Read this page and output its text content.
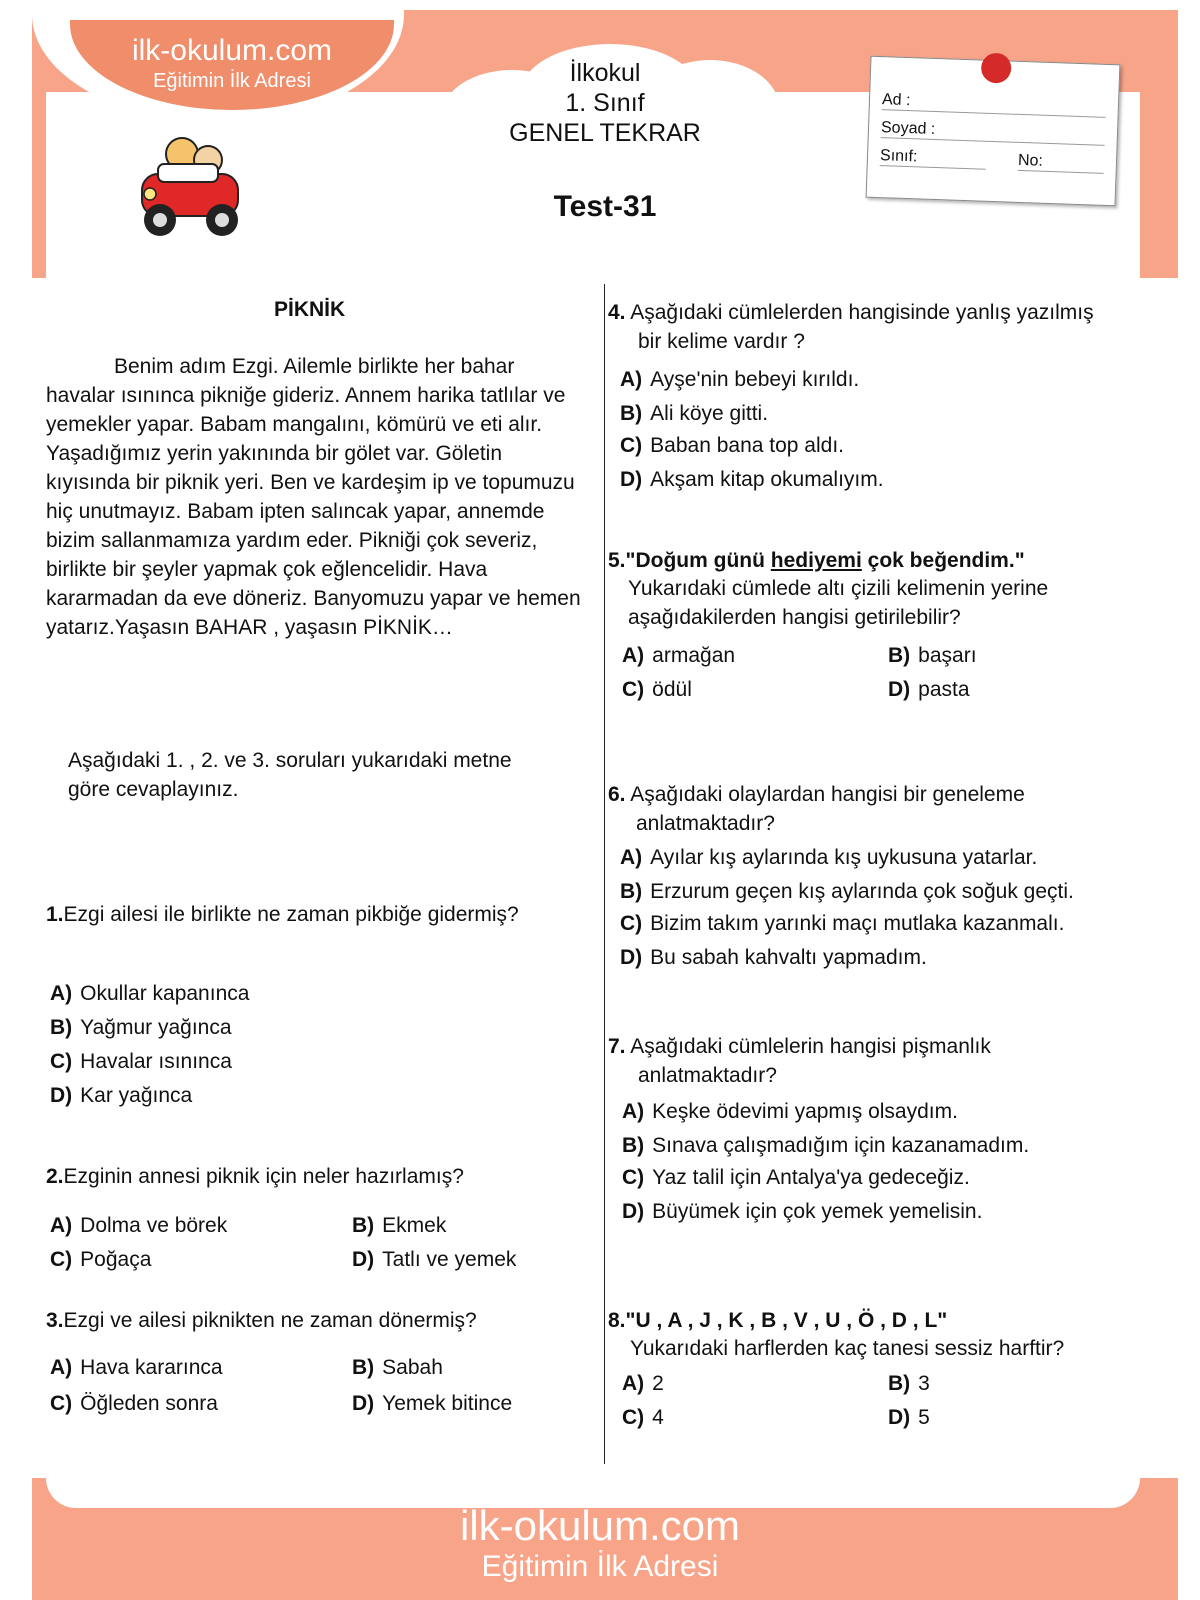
ilk-okulum.com
Eğitimin İlk Adresi	İlkokul
1. Sınıf
GENEL TEKRAR
Test-31
Ad :
Soyad :
Sınıf:	No:
PİKNİK
Benim adım Ezgi. Ailemle birlikte her bahar havalar ısınınca pikniğe gideriz. Annem harika tatlılar ve yemekler yapar. Babam mangalını, kömürü ve eti alır. Yaşadığımız yerin yakınında bir gölet var. Göletin kıyısında bir piknik yeri. Ben ve kardeşim ip ve topumuzu hiç unutmayız. Babam ipten salıncak yapar, annemde bizim sallanmamıza yardım eder. Pikniği çok severiz, birlikte bir şeyler yapmak çok eğlencelidir. Hava kararmadan da eve döneriz. Banyomuzu yapar ve hemen yatarız.Yaşasın BAHAR , yaşasın PİKNİK…
Aşağıdaki 1. , 2. ve 3. soruları yukarıdaki metne göre cevaplayınız.
1.Ezgi ailesi ile birlikte ne zaman pikbiğe gidermiş?
A) Okullar kapanınca
B) Yağmur yağınca
C) Havalar ısınınca
D) Kar yağınca
2.Ezginin annesi piknik için neler hazırlamış?
A) Dolma ve börek	B) Ekmek
C) Poğaça	D) Tatlı ve yemek
3.Ezgi ve ailesi piknikten ne zaman dönermiş?
A) Hava kararınca	B) Sabah
C) Öğleden sonra	D) Yemek bitince
4. Aşağıdaki cümlelerden hangisinde yanlış yazılmış bir kelime vardır ?
A) Ayşe'nin bebeyi kırıldı.
B) Ali köye gitti.
C) Baban bana top aldı.
D) Akşam kitap okumalıyım.
5."Doğum günü hediyemi çok beğendim."
Yukarıdaki cümlede altı çizili kelimenin yerine aşağıdakilerden hangisi getirilebilir?
A) armağan	B) başarı
C) ödül	D) pasta
6. Aşağıdaki olaylardan hangisi bir geneleme anlatmaktadır?
A) Ayılar kış aylarında kış uykusuna yatarlar.
B) Erzurum geçen kış aylarında çok soğuk geçti.
C) Bizim takım yarınki maçı mutlaka kazanmalı.
D) Bu sabah kahvaltı yapmadım.
7. Aşağıdaki cümlelerin hangisi pişmanlık anlatmaktadır?
A) Keşke ödevimi yapmış olsaydım.
B) Sınava çalışmadığım için kazanamadım.
C) Yaz talil için Antalya'ya gedeceğiz.
D) Büyümek için çok yemek yemelisin.
8."U , A , J , K , B , V , U , Ö , D , L"
Yukarıdaki harflerden kaç tanesi sessiz harftir?
A) 2	B) 3
C) 4	D) 5
ilk-okulum.com
Eğitimin İlk Adresi
